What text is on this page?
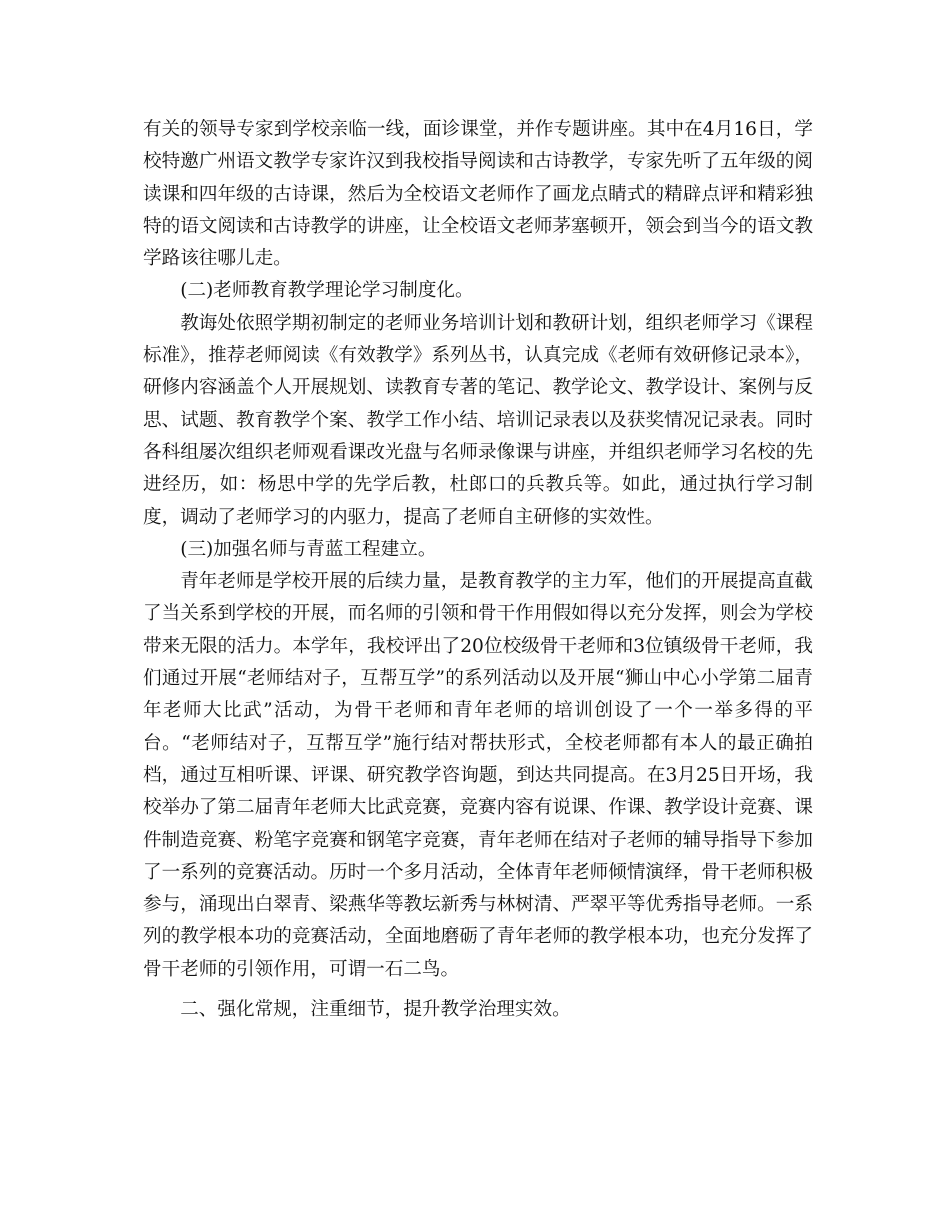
有关的领导专家到学校亲临一线，面诊课堂，并作专题讲座。其中在4月16日，学校特邀广州语文教学专家许汉到我校指导阅读和古诗教学，专家先听了五年级的阅读课和四年级的古诗课，然后为全校语文老师作了画龙点睛式的精辟点评和精彩独特的语文阅读和古诗教学的讲座，让全校语文老师茅塞顿开，领会到当今的语文教学路该往哪儿走。

(二)老师教育教学理论学习制度化。

教诲处依照学期初制定的老师业务培训计划和教研计划，组织老师学习《课程标准》，推荐老师阅读《有效教学》系列丛书，认真完成《老师有效研修记录本》，研修内容涵盖个人开展规划、读教育专著的笔记、教学论文、教学设计、案例与反思、试题、教育教学个案、教学工作小结、培训记录表以及获奖情况记录表。同时各科组屡次组织老师观看课改光盘与名师录像课与讲座，并组织老师学习名校的先进经历，如：杨思中学的先学后教，杜郎口的兵教兵等。如此，通过执行学习制度，调动了老师学习的内驱力，提高了老师自主研修的实效性。

(三)加强名师与青蓝工程建立。

青年老师是学校开展的后续力量，是教育教学的主力军，他们的开展提高直截了当关系到学校的开展，而名师的引领和骨干作用假如得以充分发挥，则会为学校带来无限的活力。本学年，我校评出了20位校级骨干老师和3位镇级骨干老师，我们通过开展“老师结对子，互帮互学”的系列活动以及开展“狮山中心小学第二届青年老师大比武”活动，为骨干老师和青年老师的培训创设了一个一举多得的平台。“老师结对子，互帮互学”施行结对帮扶形式，全校老师都有本人的最正确拍档，通过互相听课、评课、研究教学咨询题，到达共同提高。在3月25日开场，我校举办了第二届青年老师大比武竞赛，竞赛内容有说课、作课、教学设计竞赛、课件制造竞赛、粉笔字竞赛和钢笔字竞赛，青年老师在结对子老师的辅导指导下参加了一系列的竞赛活动。历时一个多月活动，全体青年老师倾情演绎，骨干老师积极参与，涌现出白翠青、梁燕华等教坛新秀与林树清、严翠平等优秀指导老师。一系列的教学根本功的竞赛活动，全面地磨砺了青年老师的教学根本功，也充分发挥了骨干老师的引领作用，可谓一石二鸟。

二、强化常规，注重细节，提升教学治理实效。
